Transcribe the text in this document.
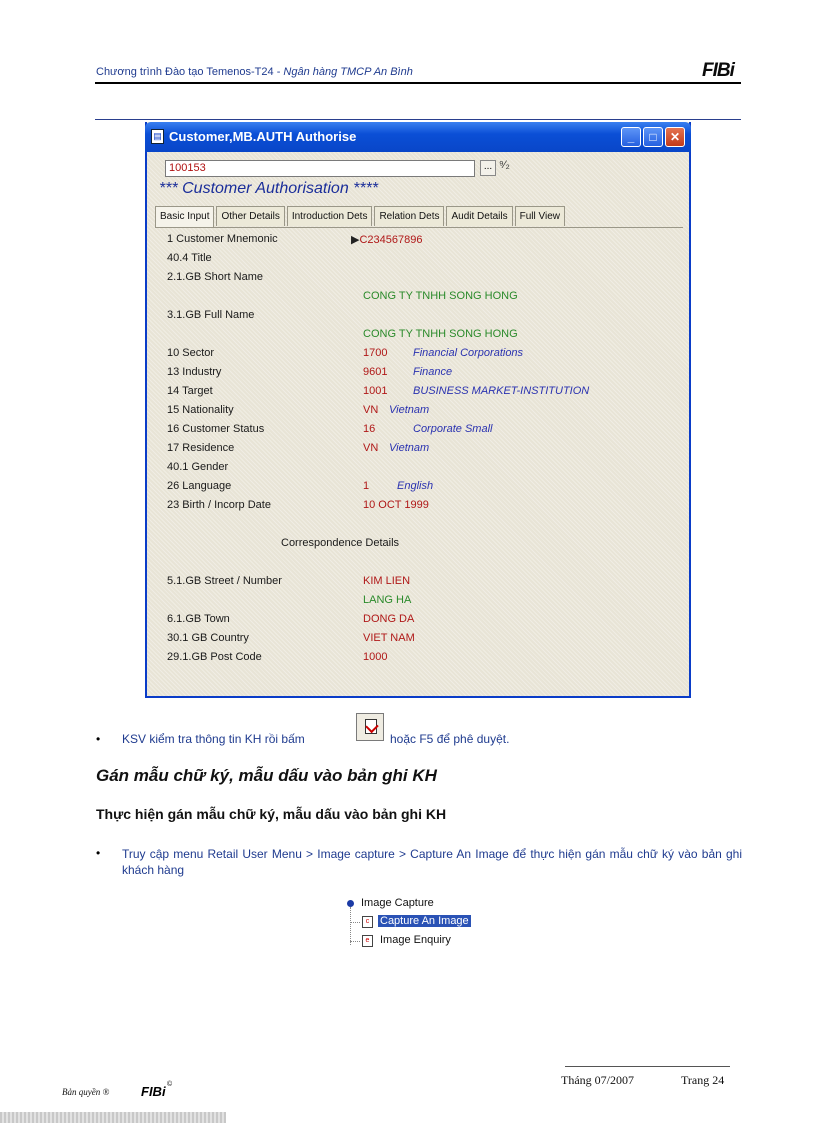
Chương trình Đào tạo Temenos-T24 - Ngân hàng TMCP An Bình	FIBi
▤ Customer,MB.AUTH Authorise	_	□	✕
100153	... ⁹⁄₂
*** Customer Authorisation ****
Basic Input	Other Details	Introduction Dets	Relation Dets	Audit Details	Full View
1 Customer Mnemonic	▶C234567896
40.4 Title
2.1.GB Short Name
CONG TY TNHH SONG HONG
3.1.GB Full Name
CONG TY TNHH SONG HONG
10 Sector	1700 Financial Corporations
13 Industry	9601 Finance
14 Target	1001 BUSINESS MARKET-INSTITUTION
15 Nationality	VN Vietnam
16 Customer Status	16	Corporate Small
17 Residence	VN Vietnam
40.1 Gender
26 Language	1	English
23 Birth / Incorp Date	10 OCT 1999
Correspondence Details
5.1.GB Street / Number	KIM LIEN
LANG HA
6.1.GB Town	DONG DA
30.1 GB Country	VIET NAM
29.1.GB Post Code	1000
• KSV kiểm tra thông tin KH rồi bấm	hoặc F5 để phê duyệt.
Gán mẫu chữ ký, mẫu dấu vào bản ghi KH
Thực hiện gán mẫu chữ ký, mẫu dấu vào bản ghi KH
• Truy cập menu Retail User Menu > Image capture > Capture An Image để thực hiện gán mẫu chữ ký vào bản ghi khách hàng
Image Capture
c Capture An Image
e Image Enquiry
Tháng 07/2007	Trang 24
Bản quyền ® FIBi ©
